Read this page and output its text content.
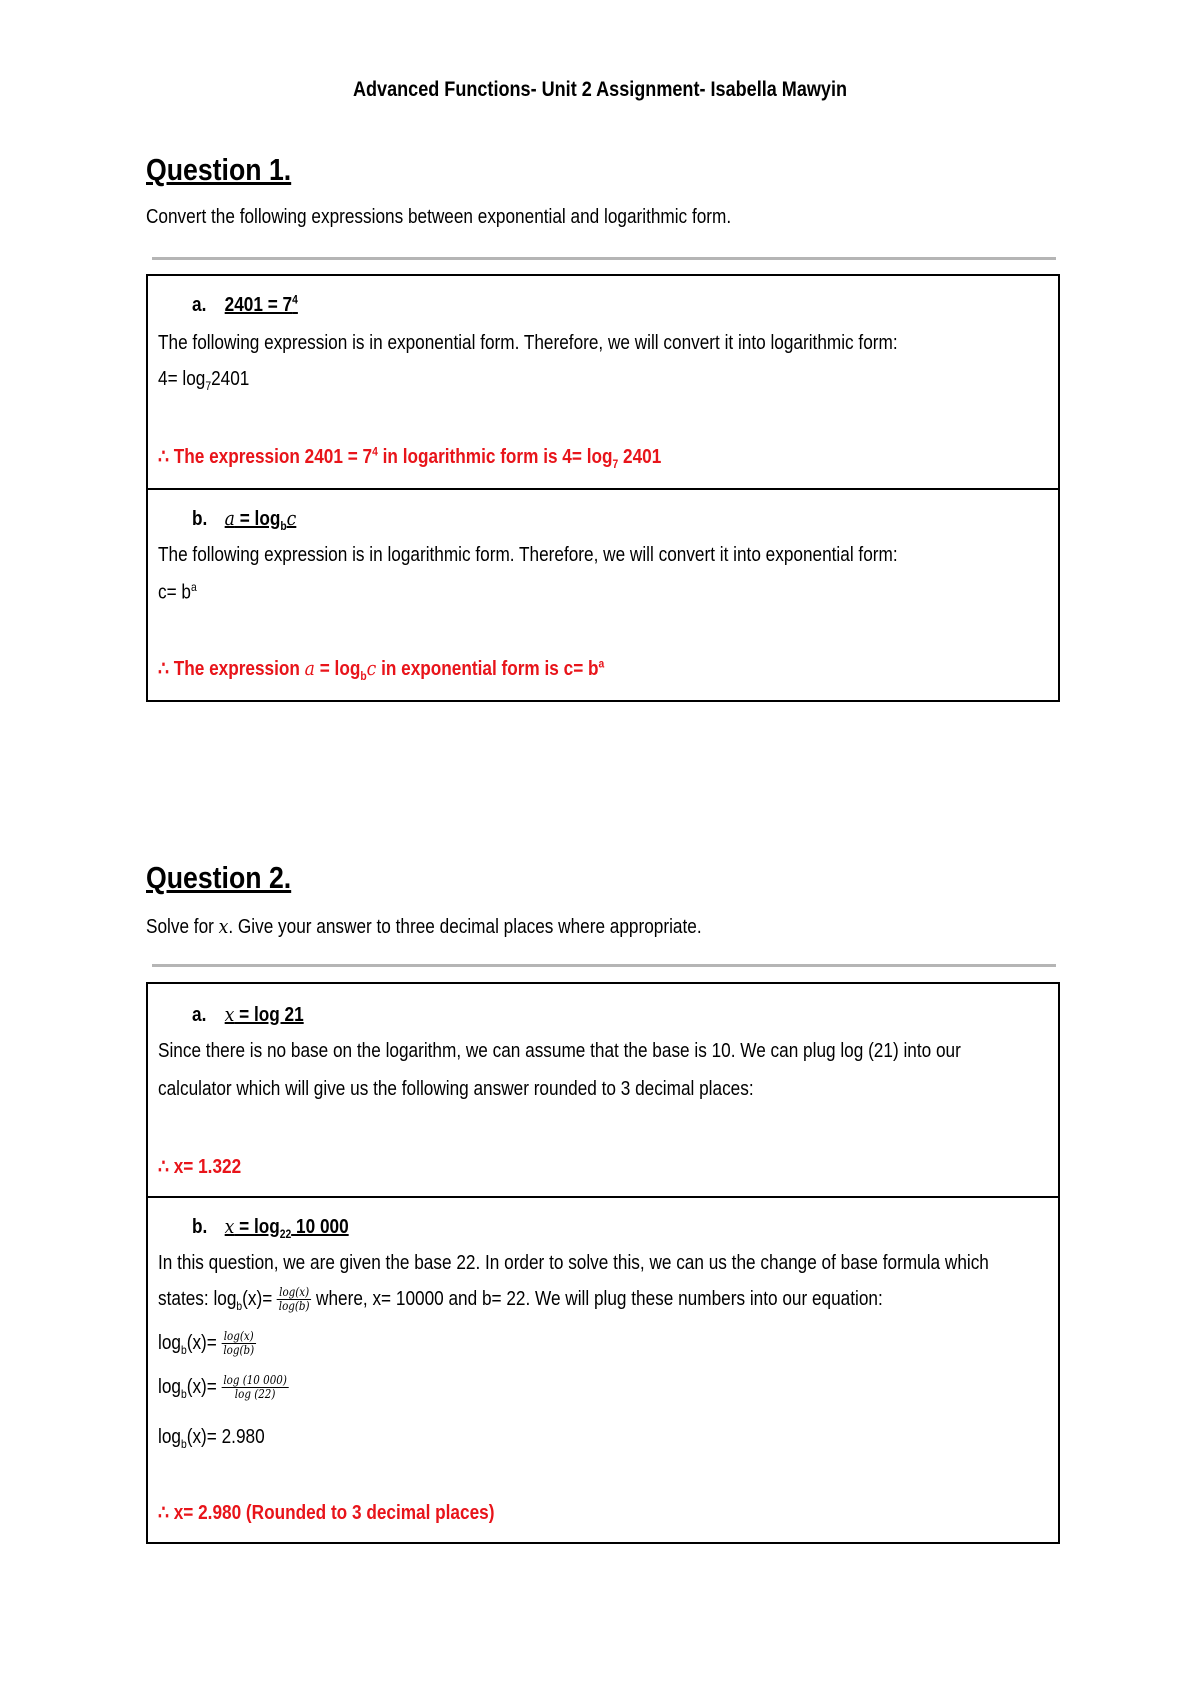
Advanced Functions- Unit 2 Assignment- Isabella Mawyin
Question 1.
Convert the following expressions between exponential and logarithmic form.
a. $2401 = 7^4$
The following expression is in exponential form. Therefore, we will convert it into logarithmic form:
$4= \log_72401$
∴ The expression $2401 = 7^4$ in logarithmic form is $4= \log_7 2401$
b. $a = \log_bc$
The following expression is in logarithmic form. Therefore, we will convert it into exponential form:
$c= b^a$
∴ The expression $a = \log_bc$ in exponential form is $c= b^a$
Question 2.
Solve for x. Give your answer to three decimal places where appropriate.
a. x = log 21
Since there is no base on the logarithm, we can assume that the base is 10. We can plug log (21) into our
calculator which will give us the following answer rounded to 3 decimal places:
∴ x= 1.322
b. $x = \log_{22} 10$ 000
In this question, we are given the base 22. In order to solve this, we can us the change of base formula which
states: $\log_b(x)= \frac{\log(x)}{\log(b)}$ where, x= 10000 and b= 22. We will plug these numbers into our equation:
$\log_b(x)= \frac{\log(x)}{\log(b)}$
$\log_b(x)= \frac{\log (10 000)}{\log (22)}$
$\log_b(x)= 2.980$
∴ x= 2.980 (Rounded to 3 decimal places)
